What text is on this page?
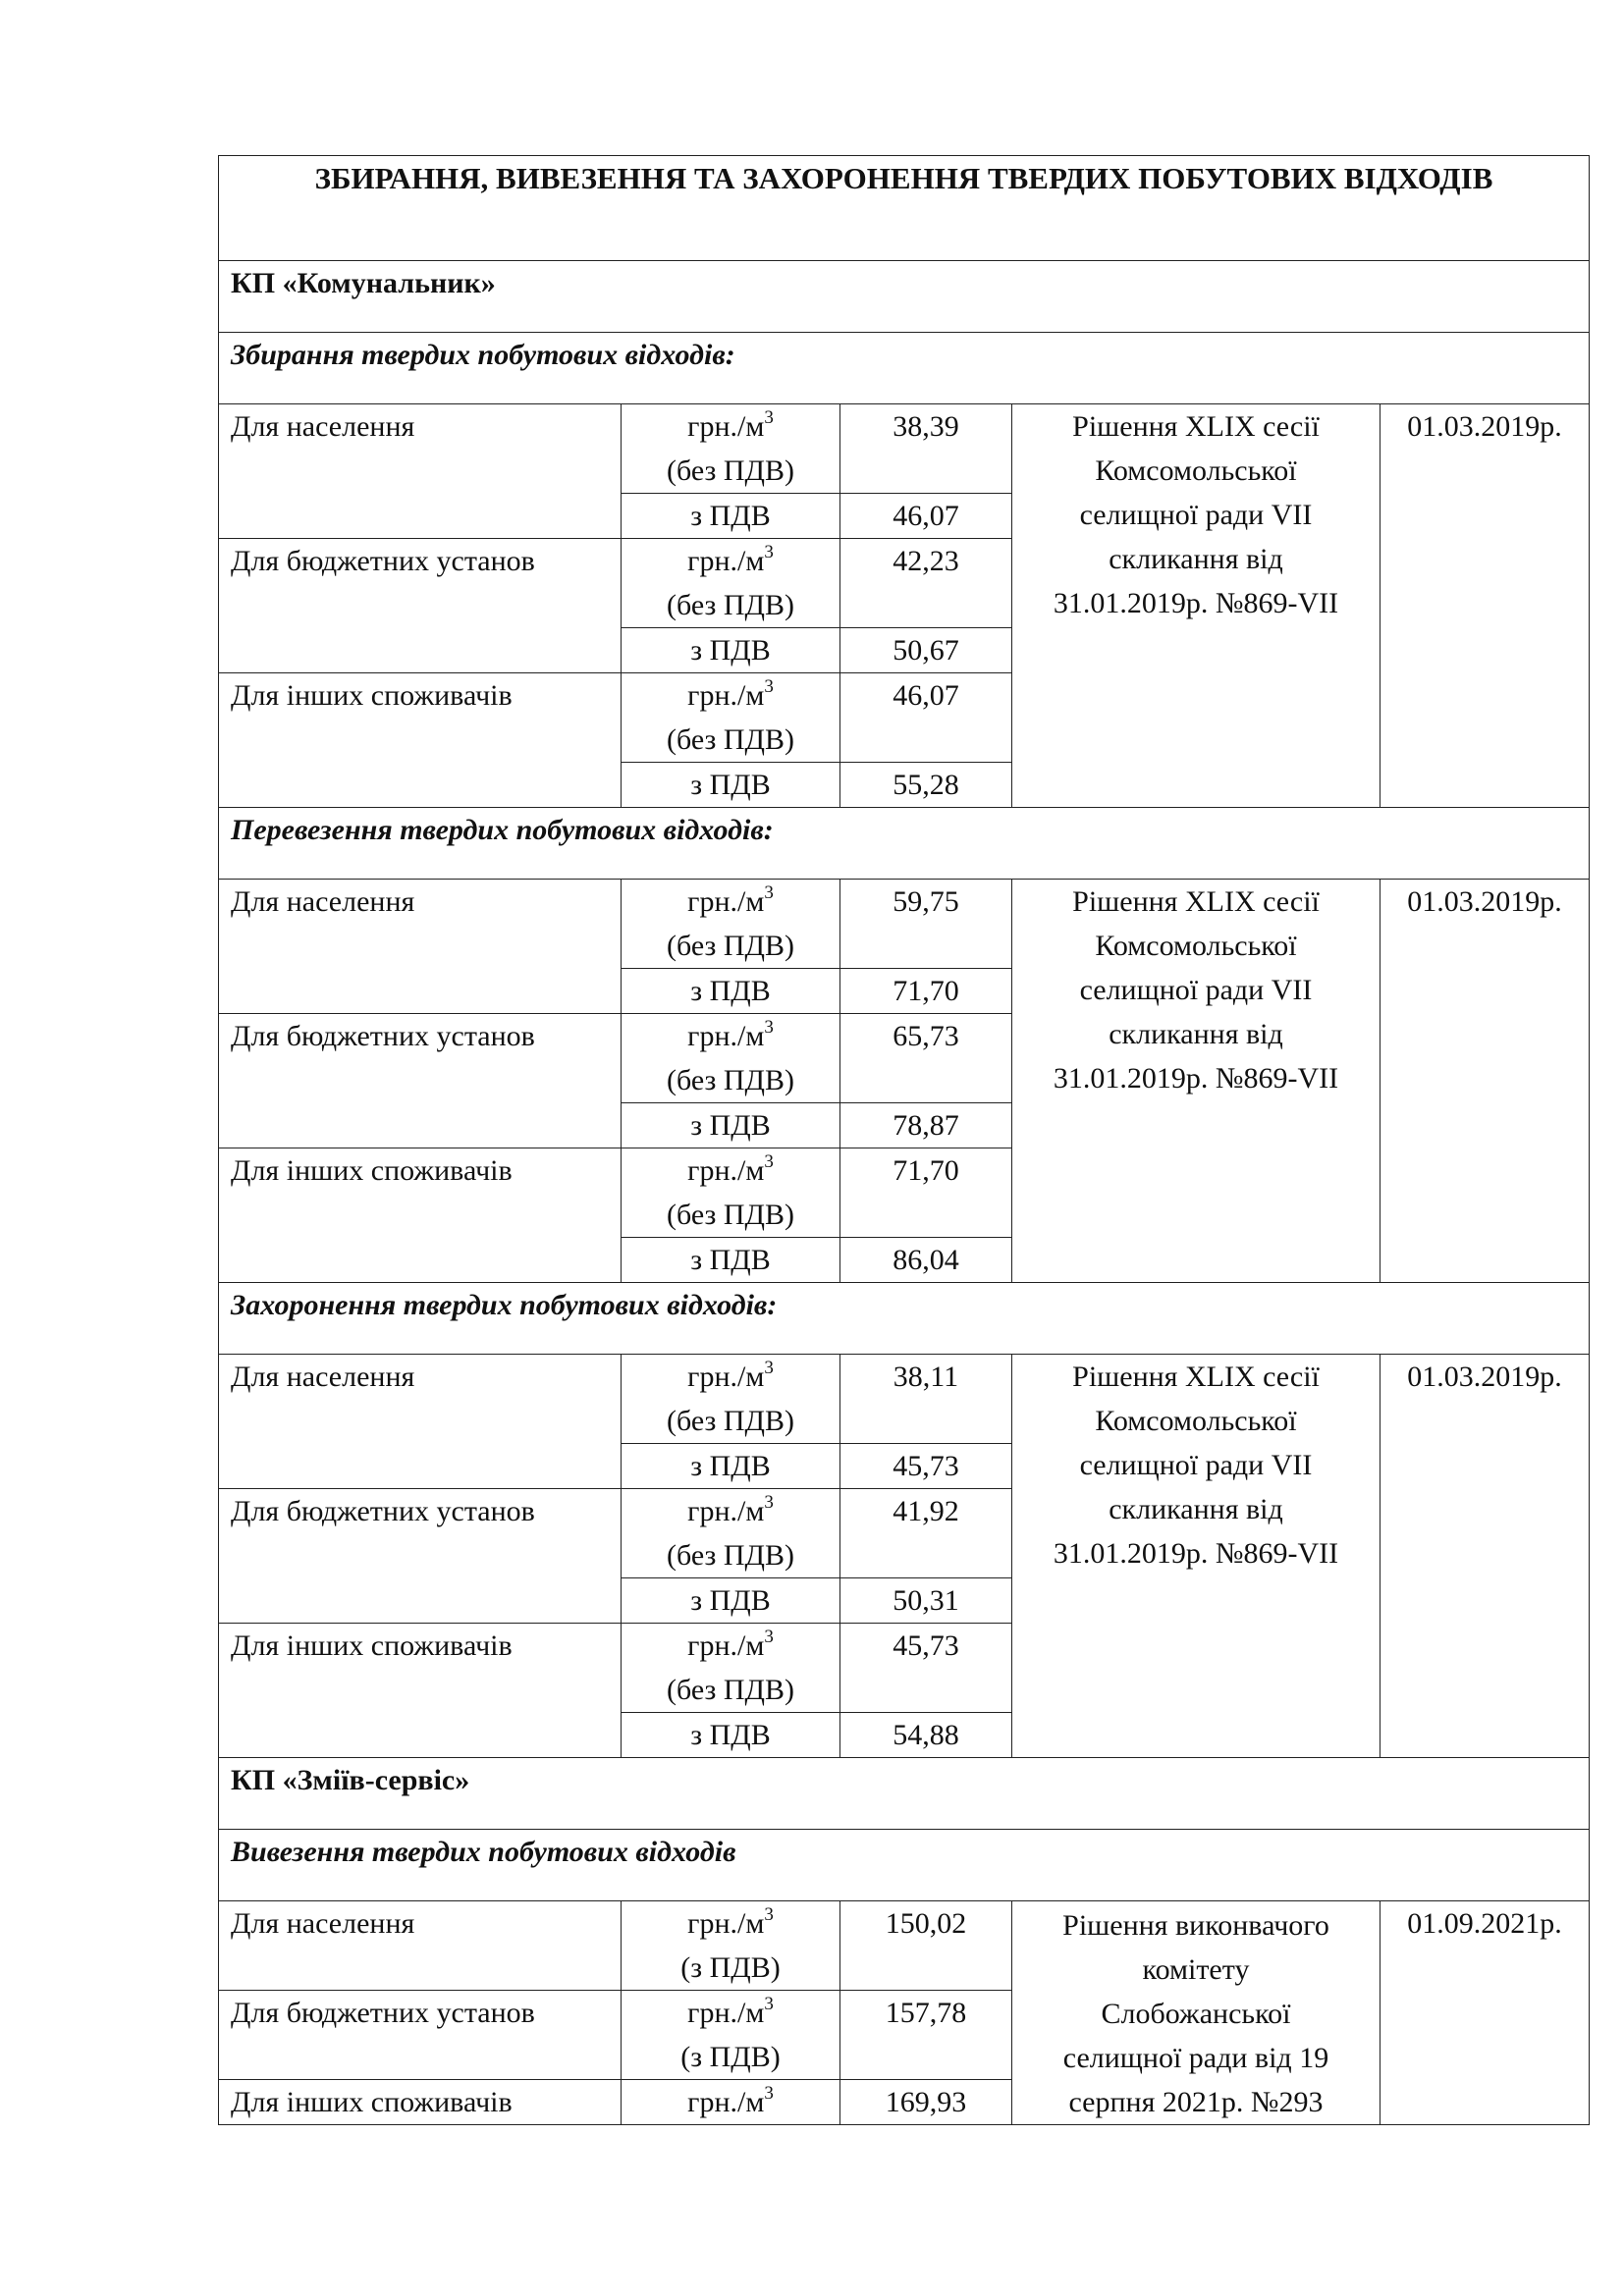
ЗБИРАННЯ, ВИВЕЗЕННЯ ТА ЗАХОРОНЕННЯ ТВЕРДИХ ПОБУТОВИХ ВІДХОДІВ				
КП «Комунальник»				
Збирання твердих побутових відходів:				
Для населення	$грн./м^3$
(без ПДВ)	38,39	Рішення XLIX сесії
Комсомольської
селищної ради VII
скликання від
31.01.2019р. №869-VII	01.03.2019р.
	з ПДВ	46,07		
Для бюджетних установ	$грн./м^3$
(без ПДВ)	42,23		
	з ПДВ	50,67		
Для інших споживачів	$грн./м^3$
(без ПДВ)	46,07		
	з ПДВ	55,28		
Перевезення твердих побутових відходів:				
Для населення	$грн./м^3$
(без ПДВ)	59,75	Рішення XLIX сесії
Комсомольської
селищної ради VII
скликання від
31.01.2019р. №869-VII	01.03.2019р.
	з ПДВ	71,70		
Для бюджетних установ	$грн./м^3$
(без ПДВ)	65,73		
	з ПДВ	78,87		
Для інших споживачів	$грн./м^3$
(без ПДВ)	71,70		
	з ПДВ	86,04		
Захоронення твердих побутових відходів:				
Для населення	$грн./м^3$
(без ПДВ)	38,11	Рішення XLIX сесії
Комсомольської
селищної ради VII
скликання від
31.01.2019р. №869-VII	01.03.2019р.
	з ПДВ	45,73		
Для бюджетних установ	$грн./м^3$
(без ПДВ)	41,92		
	з ПДВ	50,31		
Для інших споживачів	$грн./м^3$
(без ПДВ)	45,73		
	з ПДВ	54,88		
КП «Зміїв-сервіс»				
Вивезення твердих побутових відходів				
Для населення	$грн./м^3$
(з ПДВ)	150,02	Рішення виконвачого
комітету
Слобожанської
селищної ради від 19
серпня 2021р. №293	01.09.2021р.
Для бюджетних установ	$грн./м^3$
(з ПДВ)	157,78		
Для інших споживачів	$грн./м^3$	169,93		
